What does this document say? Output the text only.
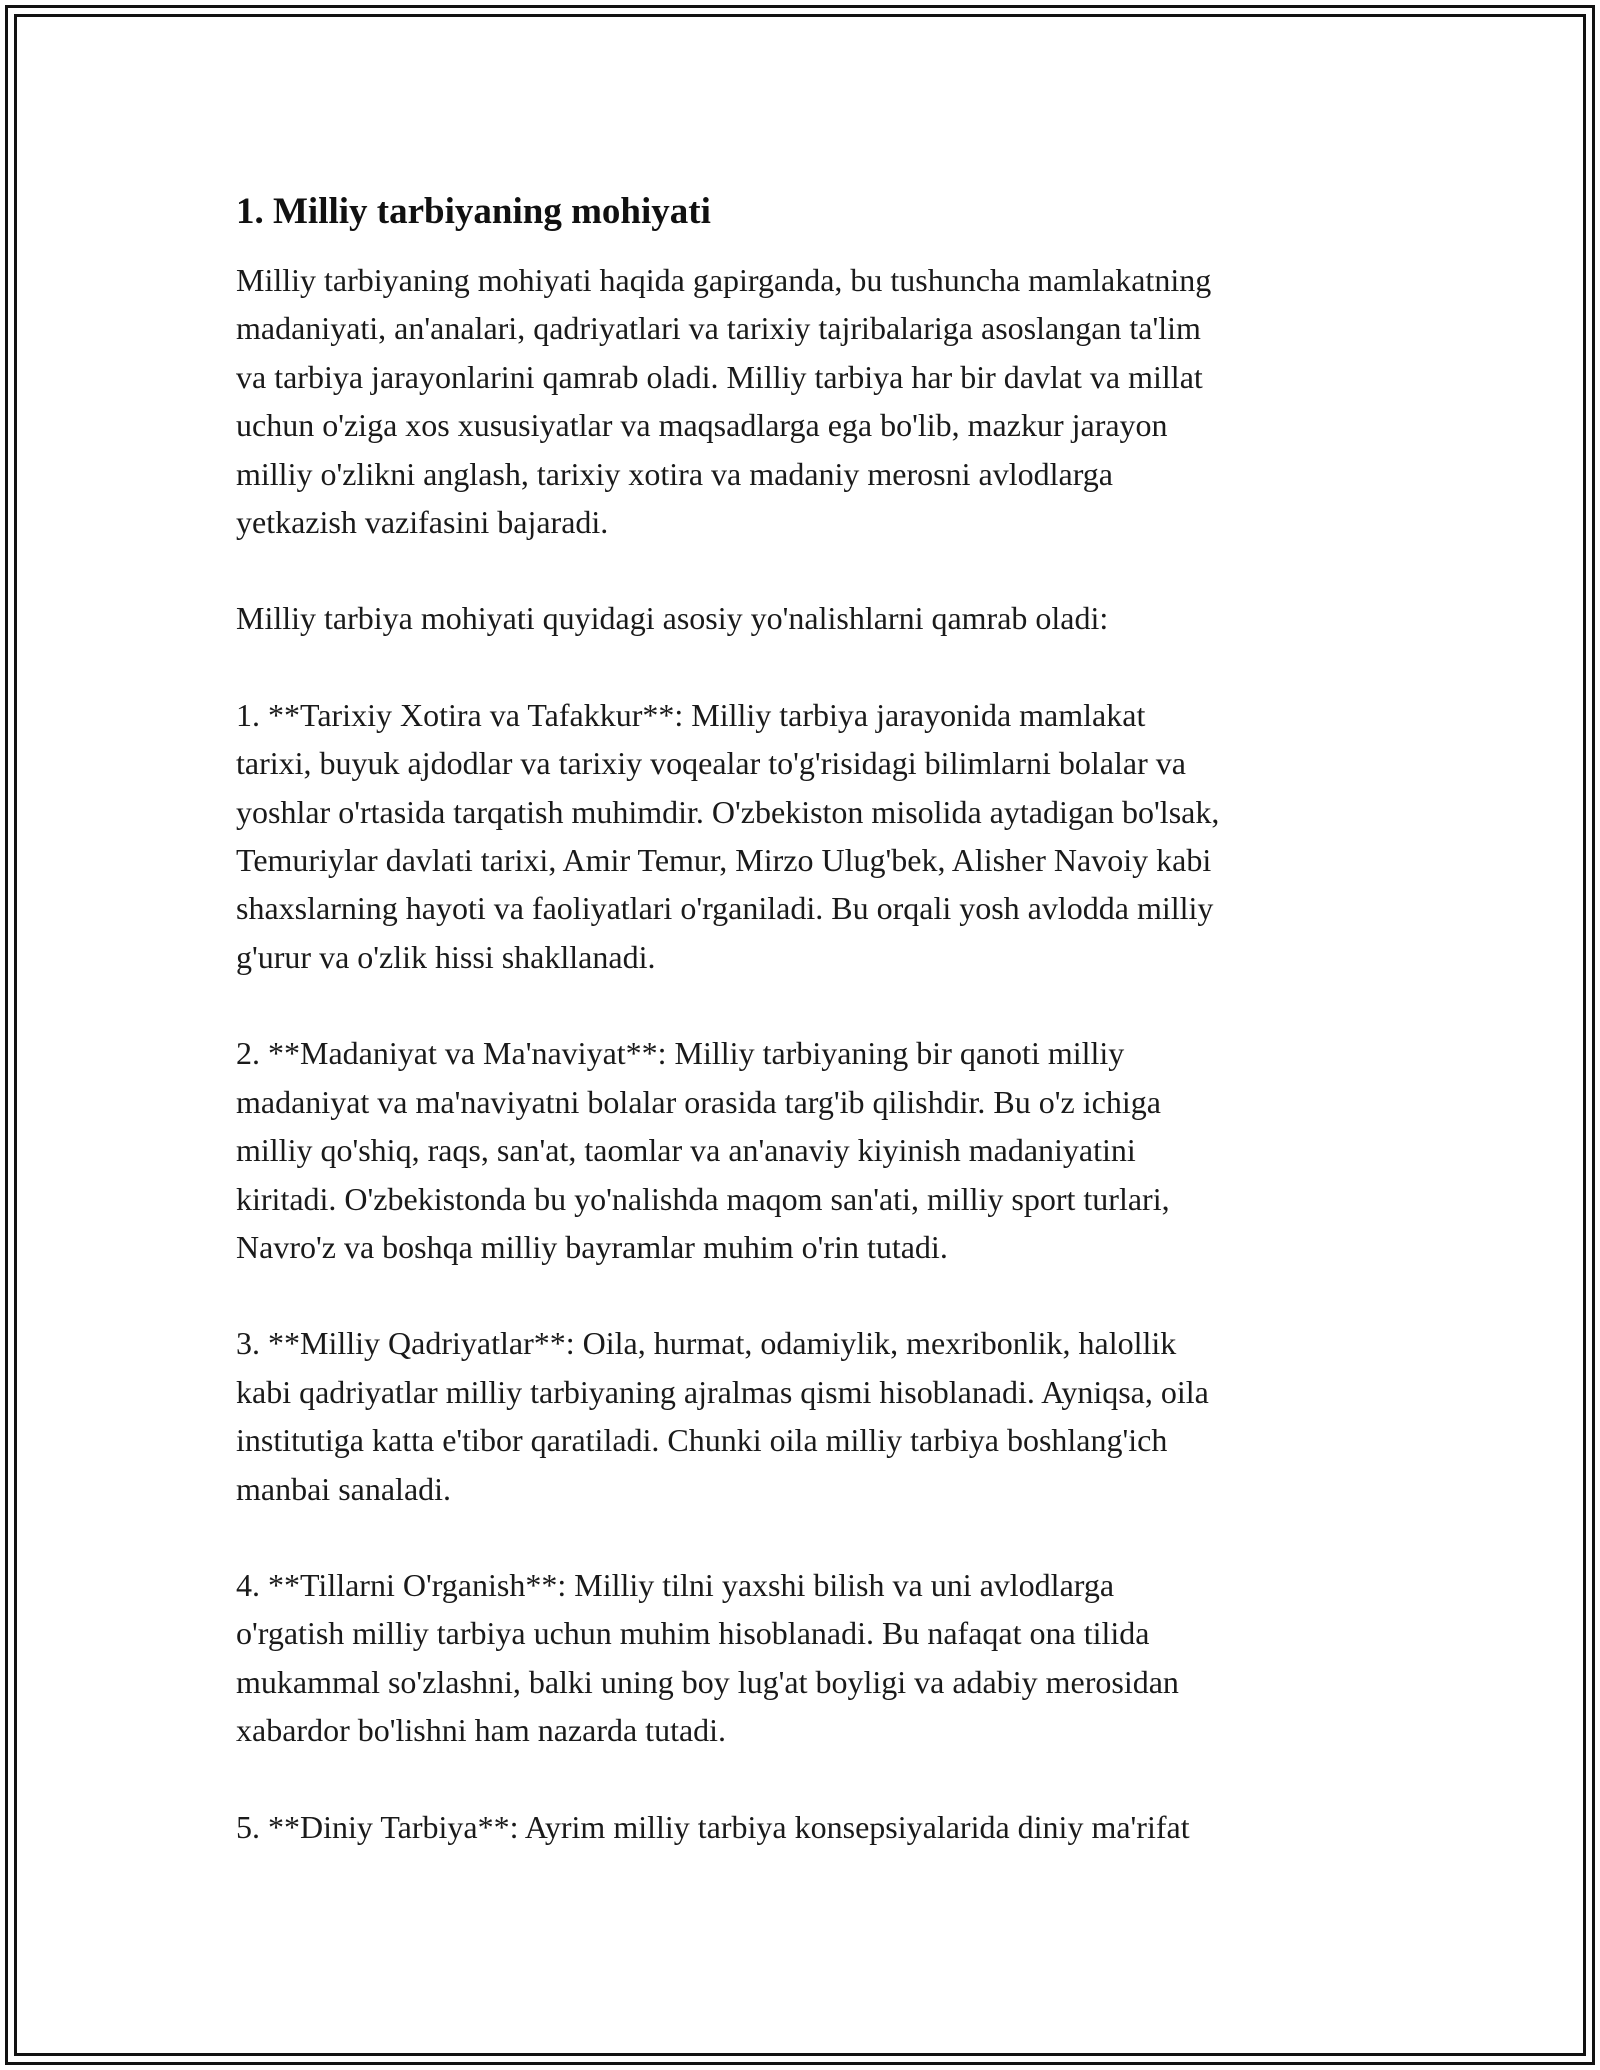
1. Milliy tarbiyaning mohiyati

Milliy tarbiyaning mohiyati haqida gapirganda, bu tushuncha mamlakatning
madaniyati, an'analari, qadriyatlari va tarixiy tajribalariga asoslangan ta'lim
va tarbiya jarayonlarini qamrab oladi. Milliy tarbiya har bir davlat va millat
uchun o'ziga xos xususiyatlar va maqsadlarga ega bo'lib, mazkur jarayon
milliy o'zlikni anglash, tarixiy xotira va madaniy merosni avlodlarga
yetkazish vazifasini bajaradi.

Milliy tarbiya mohiyati quyidagi asosiy yo'nalishlarni qamrab oladi:

1. **Tarixiy Xotira va Tafakkur**: Milliy tarbiya jarayonida mamlakat
tarixi, buyuk ajdodlar va tarixiy voqealar to'g'risidagi bilimlarni bolalar va
yoshlar o'rtasida tarqatish muhimdir. O'zbekiston misolida aytadigan bo'lsak,
Temuriylar davlati tarixi, Amir Temur, Mirzo Ulug'bek, Alisher Navoiy kabi
shaxslarning hayoti va faoliyatlari o'rganiladi. Bu orqali yosh avlodda milliy
g'urur va o'zlik hissi shakllanadi.

2. **Madaniyat va Ma'naviyat**: Milliy tarbiyaning bir qanoti milliy
madaniyat va ma'naviyatni bolalar orasida targ'ib qilishdir. Bu o'z ichiga
milliy qo'shiq, raqs, san'at, taomlar va an'anaviy kiyinish madaniyatini
kiritadi. O'zbekistonda bu yo'nalishda maqom san'ati, milliy sport turlari,
Navro'z va boshqa milliy bayramlar muhim o'rin tutadi.

3. **Milliy Qadriyatlar**: Oila, hurmat, odamiylik, mexribonlik, halollik
kabi qadriyatlar milliy tarbiyaning ajralmas qismi hisoblanadi. Ayniqsa, oila
institutiga katta e'tibor qaratiladi. Chunki oila milliy tarbiya boshlang'ich
manbai sanaladi.

4. **Tillarni O'rganish**: Milliy tilni yaxshi bilish va uni avlodlarga
o'rgatish milliy tarbiya uchun muhim hisoblanadi. Bu nafaqat ona tilida
mukammal so'zlashni, balki uning boy lug'at boyligi va adabiy merosidan
xabardor bo'lishni ham nazarda tutadi.

5. **Diniy Tarbiya**: Ayrim milliy tarbiya konsepsiyalarida diniy ma'rifat
